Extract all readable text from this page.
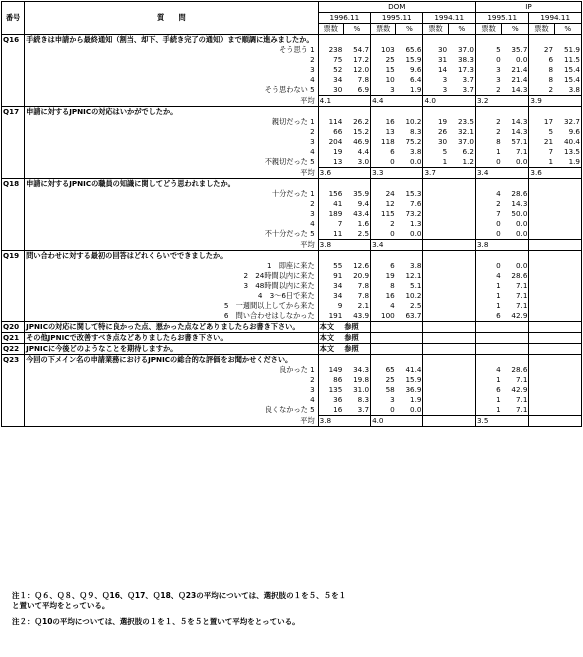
番号	質　　問	DOM						IP			
		1996.11		1995.11		1994.11		1995.11		1994.11	
		票数	%	票数	%	票数	%	票数	%	票数	%
Q16	手続きは申請から最終通知（割当、却下、手続き完了の通知）まで順調に進みましたか。										
	そう思う 1	238	54.7	103	65.6	30	37.0	5	35.7	27	51.9
	2	75	17.2	25	15.9	31	38.3	0	0.0	6	11.5
	3	52	12.0	15	9.6	14	17.3	3	21.4	8	15.4
	4	34	7.8	10	6.4	3	3.7	3	21.4	8	15.4
	そう思わない 5	30	6.9	3	1.9	3	3.7	2	14.3	2	3.8
	平均	4.1		4.4		4.0		3.2		3.9	
Q17	申請に対するJPNICの対応はいかがでしたか。										
	親切だった 1	114	26.2	16	10.2	19	23.5	2	14.3	17	32.7
	2	66	15.2	13	8.3	26	32.1	2	14.3	5	9.6
	3	204	46.9	118	75.2	30	37.0	8	57.1	21	40.4
	4	19	4.4	6	3.8	5	6.2	1	7.1	7	13.5
	不親切だった 5	13	3.0	0	0.0	1	1.2	0	0.0	1	1.9
	平均	3.6		3.3		3.7		3.4		3.6	
Q18	申請に対するJPNICの職員の知識に関してどう思われましたか。										
	十分だった 1	156	35.9	24	15.3			4	28.6		
	2	41	9.4	12	7.6			2	14.3		
	3	189	43.4	115	73.2			7	50.0		
	4	7	1.6	2	1.3			0	0.0		
	不十分だった 5	11	2.5	0	0.0			0	0.0		
	平均	3.8		3.4				3.8			
Q19	問い合わせに対する最初の回答はどれくらいでできましたか。										
	1　即座に来た	55	12.6	6	3.8			0	0.0		
	2　24時間以内に来た	91	20.9	19	12.1			4	28.6		
	3　48時間以内に来た	34	7.8	8	5.1			1	7.1		
	4　3～6日で来た	34	7.8	16	10.2			1	7.1		
	5　一週間以上してから来た	9	2.1	4	2.5			1	7.1		
	6　問い合わせはしなかった	191	43.9	100	63.7			6	42.9		
Q20	JPNICの対応に関して特に良かった点、悪かった点などありましたらお書き下さい。	本文	参照								
Q21	その他JPNICで改善すべき点などありましたらお書き下さい。	本文	参照								
Q22	JPNICに今後どのようなことを期待しますか。	本文	参照								
Q23	今回の下メイン名の申請業務におけるJPNICの総合的な評価をお聞かせください。										
	良かった 1	149	34.3	65	41.4			4	28.6		
	2	86	19.8	25	15.9			1	7.1		
	3	135	31.0	58	36.9			6	42.9		
	4	36	8.3	3	1.9			1	7.1		
	良くなかった 5	16	3.7	0	0.0			1	7.1		
	平均	3.8		4.0				3.5			

注１：Ｑ６、Ｑ８、Ｑ９、Ｑ16、Ｑ17、Ｑ18、Ｑ23の平均については、選択肢の１を５、５を１と置いて平均をとっている。

注２：Ｑ10の平均については、選択肢の１を１、５を５と置いて平均をとっている。
